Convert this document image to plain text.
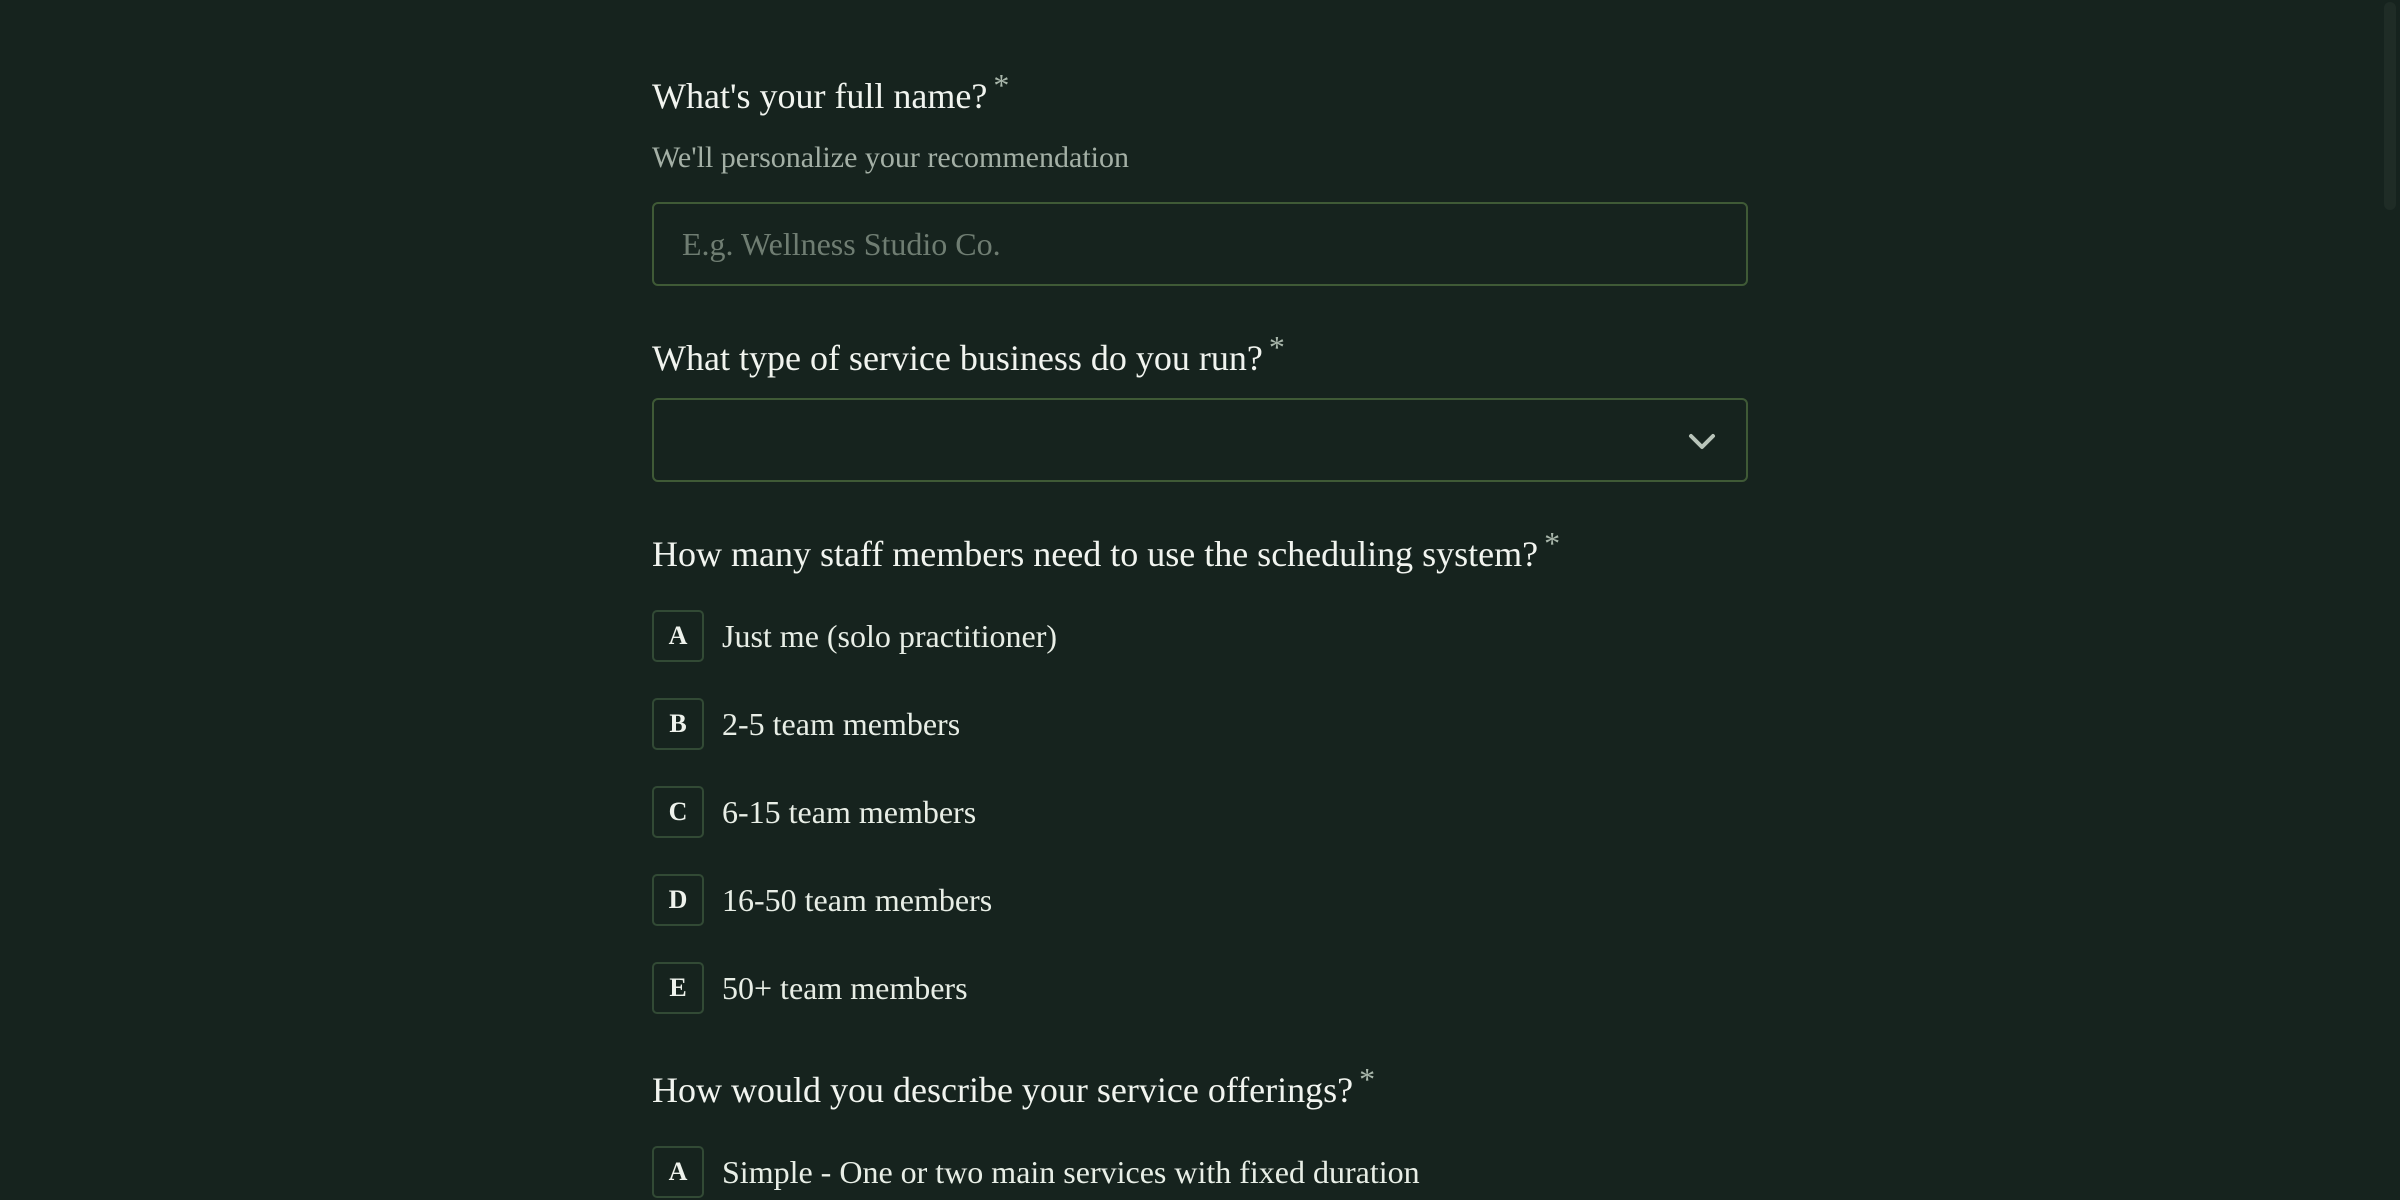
What's your full name? *
We'll personalize your recommendation
E.g. Wellness Studio Co.
What type of service business do you run? *
How many staff members need to use the scheduling system? *
A	Just me (solo practitioner)
B	2-5 team members
C	6-15 team members
D	16-50 team members
E	50+ team members
How would you describe your service offerings? *
A	Simple - One or two main services with fixed duration
